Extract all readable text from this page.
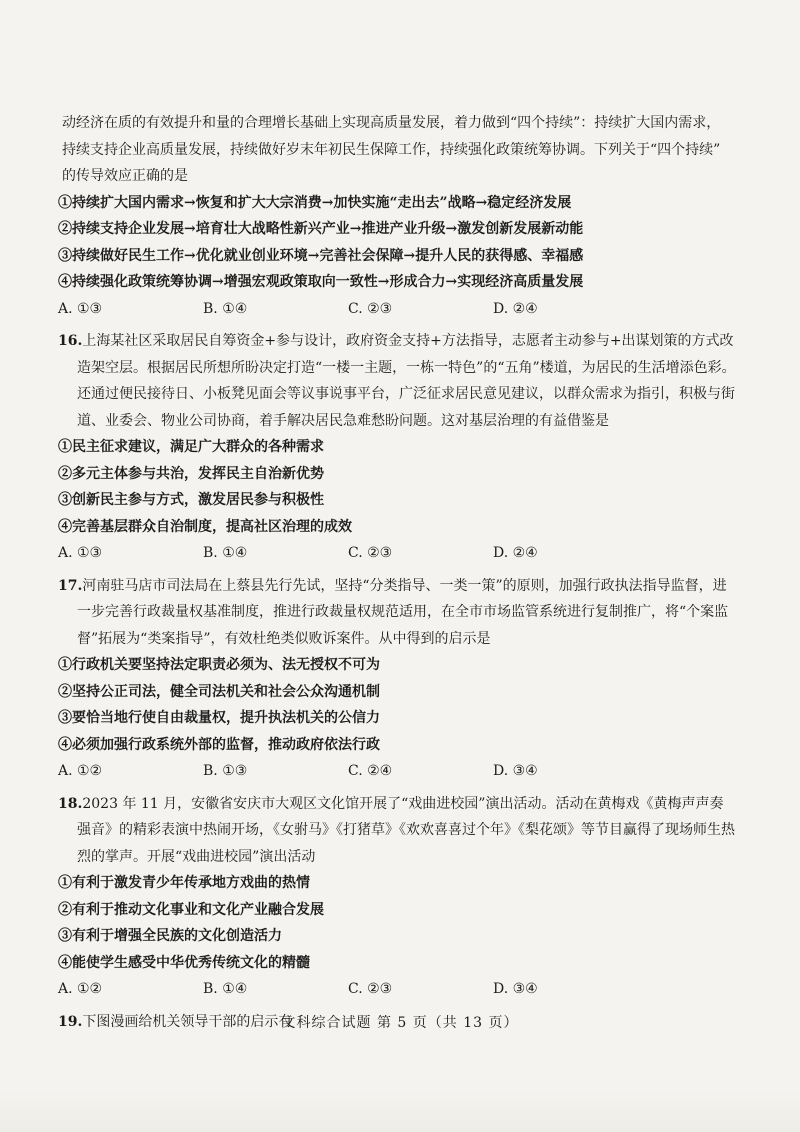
动经济在质的有效提升和量的合理增长基础上实现高质量发展，着力做到“四个持续”：持续扩大国内需求，

持续支持企业高质量发展，持续做好岁末年初民生保障工作，持续强化政策统筹协调。下列关于“四个持续”

的传导效应正确的是

①持续扩大国内需求→恢复和扩大大宗消费→加快实施“走出去”战略→稳定经济发展

②持续支持企业发展→培育壮大战略性新兴产业→推进产业升级→激发创新发展新动能

③持续做好民生工作→优化就业创业环境→完善社会保障→提升人民的获得感、幸福感

④持续强化政策统筹协调→增强宏观政策取向一致性→形成合力→实现经济高质量发展

A. ①③	B. ①④	C. ②③	D. ②④

16.上海某社区采取居民自筹资金+参与设计，政府资金支持+方法指导，志愿者主动参与+出谋划策的方式改造架空层。根据居民所想所盼决定打造“一楼一主题，一栋一特色”的“五角”楼道，为居民的生活增添色彩。还通过便民接待日、小板凳见面会等议事说事平台，广泛征求居民意见建议，以群众需求为指引，积极与街道、业委会、物业公司协商，着手解决居民急难愁盼问题。这对基层治理的有益借鉴是

①民主征求建议，满足广大群众的各种需求

②多元主体参与共治，发挥民主自治新优势

③创新民主参与方式，激发居民参与积极性

④完善基层群众自治制度，提高社区治理的成效

A. ①③	B. ①④	C. ②③	D. ②④

17.河南驻马店市司法局在上蔡县先行先试，坚持“分类指导、一类一策”的原则，加强行政执法指导监督，进一步完善行政裁量权基准制度，推进行政裁量权规范适用，在全市市场监管系统进行复制推广，将“个案监督”拓展为“类案指导”，有效杜绝类似败诉案件。从中得到的启示是

①行政机关要坚持法定职责必须为、法无授权不可为

②坚持公正司法，健全司法机关和社会公众沟通机制

③要恰当地行使自由裁量权，提升执法机关的公信力

④必须加强行政系统外部的监督，推动政府依法行政

A. ①②	B. ①③	C. ②④	D. ③④

18.2023 年 11 月，安徽省安庆市大观区文化馆开展了“戏曲进校园”演出活动。活动在黄梅戏《黄梅声声奏强音》的精彩表演中热闹开场，《女驸马》《打猪草》《欢欢喜喜过个年》《梨花颂》等节目赢得了现场师生热烈的掌声。开展“戏曲进校园”演出活动

①有利于激发青少年传承地方戏曲的热情

②有利于推动文化事业和文化产业融合发展

③有利于增强全民族的文化创造活力

④能使学生感受中华优秀传统文化的精髓

A. ①②	B. ①④	C. ②③	D. ③④

19.下图漫画给机关领导干部的启示有

文科综合试题 第 5 页（共 13 页）
